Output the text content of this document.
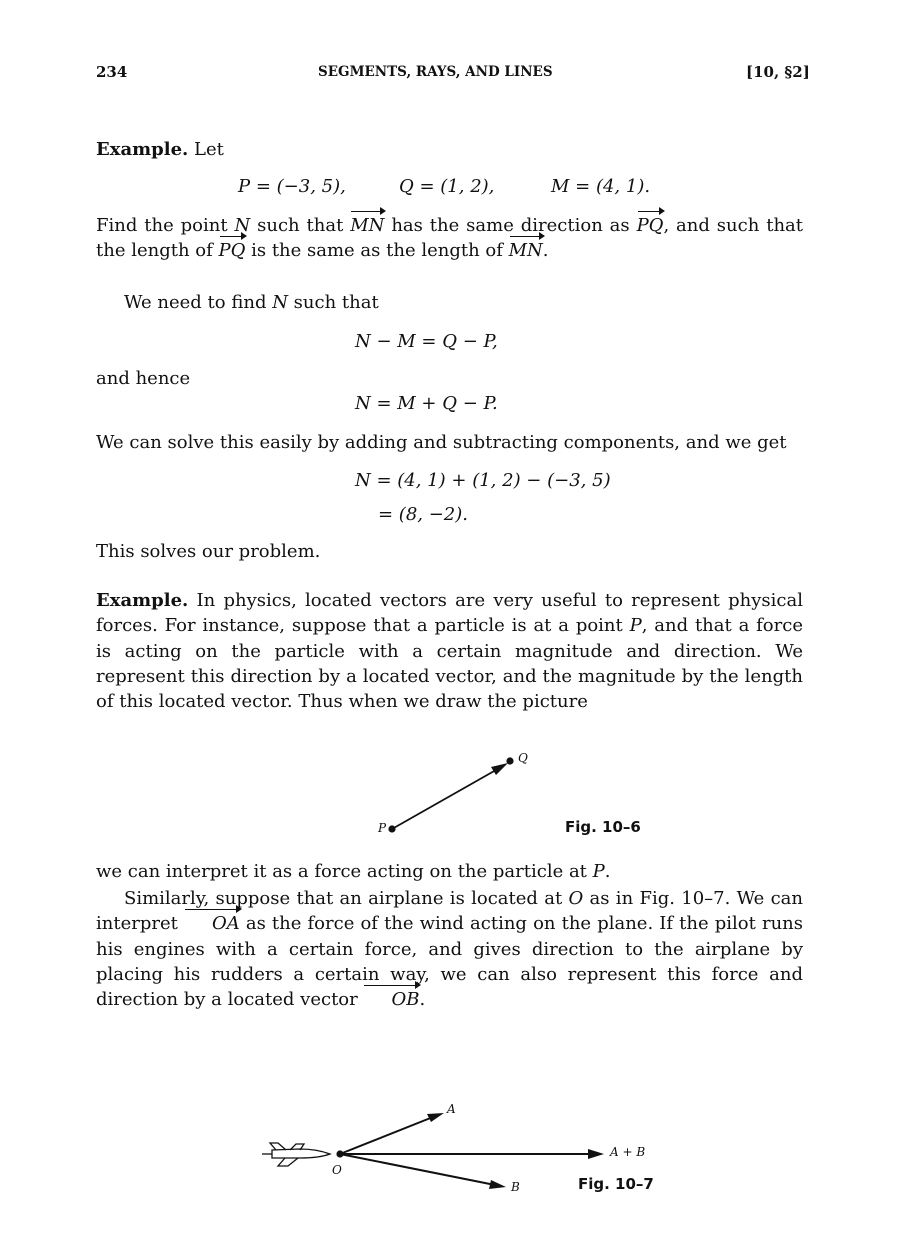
234	SEGMENTS, RAYS, AND LINES	[10, §2]
Example. Let
P = (−3, 5),	Q = (1, 2),	M = (4, 1).

Find the point N such that MN has the same direction as PQ, and such that the length of PQ is the same as the length of MN.

We need to find N such that
N − M = Q − P,
and hence
N = M + Q − P.
We can solve this easily by adding and subtracting components, and we get
N = (4, 1) + (1, 2) − (−3, 5)
= (8, −2).
This solves our problem.

Example. In physics, located vectors are very useful to represent physical forces. For instance, suppose that a particle is at a point P, and that a force is acting on the particle with a certain magnitude and direction. We represent this direction by a located vector, and the magnitude by the length of this located vector. Thus when we draw the picture

P
Q
Fig. 10–6
we can interpret it as a force acting on the particle at P.

Similarly, suppose that an airplane is located at O as in Fig. 10–7. We can interpret OA as the force of the wind acting on the plane. If the pilot runs his engines with a certain force, and gives direction to the airplane by placing his rudders a certain way, we can also represent this force and direction by a located vector OB.

A
O
A + B
B	Fig. 10–7
